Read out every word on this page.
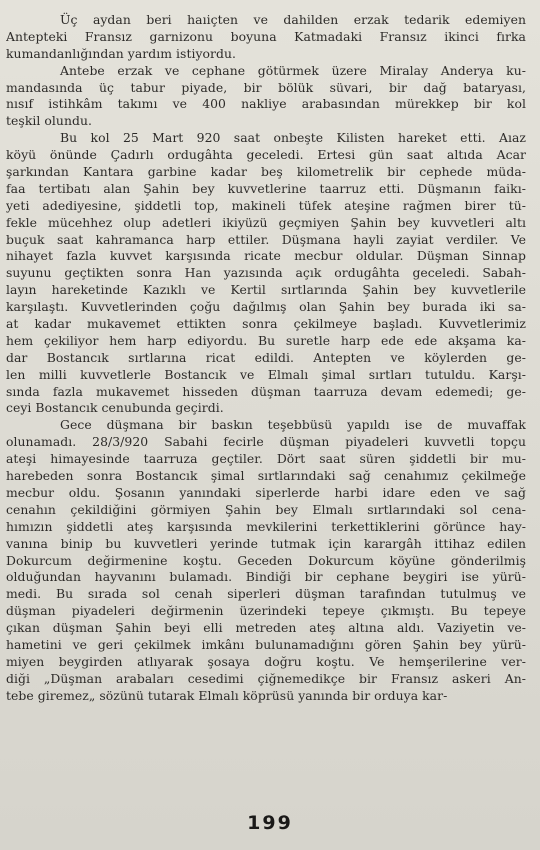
Üç aydan beri haıiçten ve dahilden erzak tedarik edemiyen
Antepteki Fransız garnizonu boyuna Katmadaki Fransız ikinci fırka
kumandanlığından yardım istiyordu.
Antebe erzak ve cephane götürmek üzere Miralay Anderya ku-
mandasında üç tabur piyade, bir bölük süvari, bir dağ bataryası,
nısıf istihkâm takımı ve 400 nakliye arabasından mürekkep bir kol
teşkil olundu.
Bu kol 25 Mart 920 saat onbeşte Kilisten hareket etti. Aıaz
köyü önünde Çadırlı ordugâhta geceledi. Ertesi gün saat altıda Acar
şarkından Kantara garbine kadar beş kilometrelik bir cephede müda-
faa tertibatı alan Şahin bey kuvvetlerine taarruz etti. Düşmanın faikı-
yeti adediyesine, şiddetli top, makineli tüfek ateşine rağmen birer tü-
fekle mücehhez olup adetleri ikiyüzü geçmiyen Şahin bey kuvvetleri altı
buçuk saat kahramanca harp ettiler. Düşmana hayli zayiat verdiler. Ve
nihayet fazla kuvvet karşısında ricate mecbur oldular. Düşman Sinnap
suyunu geçtikten sonra Han yazısında açık ordugâhta geceledi. Sabah-
layın hareketinde Kazıklı ve Kertil sırtlarında Şahin bey kuvvetlerile
karşılaştı. Kuvvetlerinden çoğu dağılmış olan Şahin bey burada iki sa-
at kadar mukavemet ettikten sonra çekilmeye başladı. Kuvvetlerimiz
hem çekiliyor hem harp ediyordu. Bu suretle harp ede ede akşama ka-
dar Bostancık sırtlarına ricat edildi. Antepten ve köylerden ge-
len milli kuvvetlerle Bostancık ve Elmalı şimal sırtları tutuldu. Karşı-
sında fazla mukavemet hisseden düşman taarruza devam edemedi; ge-
ceyi Bostancık cenubunda geçirdi.
Gece düşmana bir baskın teşebbüsü yapıldı ise de muvaffak
olunamadı. 28/3/920 Sabahi fecirle düşman piyadeleri kuvvetli topçu
ateşi himayesinde taarruza geçtiler. Dört saat süren şiddetli bir mu-
harebeden sonra Bostancık şimal sırtlarındaki sağ cenahımız çekilmeğe
mecbur oldu. Şosanın yanındaki siperlerde harbi idare eden ve sağ
cenahın çekildiğini görmiyen Şahin bey Elmalı sırtlarındaki sol cena-
hımızın şiddetli ateş karşısında mevkilerini terkettiklerini görünce hay-
vanına binip bu kuvvetleri yerinde tutmak için karargâh ittihaz edilen
Dokurcum değirmenine koştu. Geceden Dokurcum köyüne gönderilmiş
olduğundan hayvanını bulamadı. Bindiği bir cephane beygiri ise yürü-
medi. Bu sırada sol cenah siperleri düşman tarafından tutulmuş ve
düşman piyadeleri değirmenin üzerindeki tepeye çıkmıştı. Bu tepeye
çıkan düşman Şahin beyi elli metreden ateş altına aldı. Vaziyetin ve-
hametini ve geri çekilmek imkânı bulunamadığını gören Şahin bey yürü-
miyen beygirden atlıyarak şosaya doğru koştu. Ve hemşerilerine ver-
diği „Düşman arabaları cesedimi çiğnemedikçe bir Fransız askeri An-
tebe giremez„ sözünü tutarak Elmalı köprüsü yanında bir orduya kar-
199
